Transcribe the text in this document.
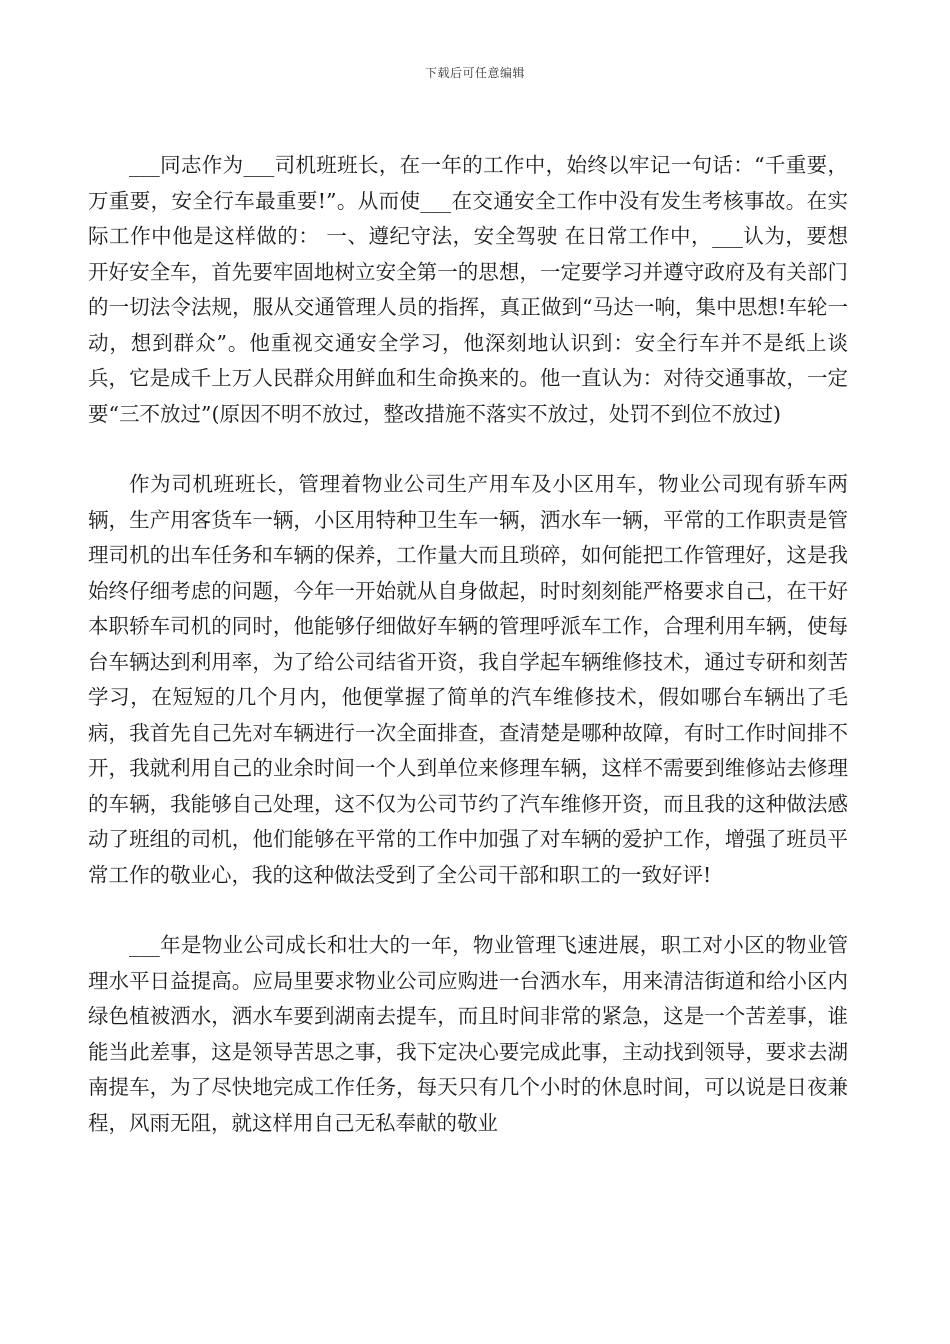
下载后可任意编辑

___同志作为___司机班班长，在一年的工作中，始终以牢记一句话：“千重要，万重要，安全行车最重要!”。从而使___在交通安全工作中没有发生考核事故。在实际工作中他是这样做的： 一、遵纪守法，安全驾驶 在日常工作中，___认为，要想开好安全车，首先要牢固地树立安全第一的思想，一定要学习并遵守政府及有关部门的一切法令法规，服从交通管理人员的指挥，真正做到“马达一响，集中思想!车轮一动，想到群众”。他重视交通安全学习，他深刻地认识到：安全行车并不是纸上谈兵，它是成千上万人民群众用鲜血和生命换来的。他一直认为：对待交通事故，一定要“三不放过”(原因不明不放过，整改措施不落实不放过，处罚不到位不放过)

作为司机班班长，管理着物业公司生产用车及小区用车，物业公司现有骄车两辆，生产用客货车一辆，小区用特种卫生车一辆，洒水车一辆，平常的工作职责是管理司机的出车任务和车辆的保养，工作量大而且琐碎，如何能把工作管理好，这是我始终仔细考虑的问题，今年一开始就从自身做起，时时刻刻能严格要求自己，在干好本职轿车司机的同时，他能够仔细做好车辆的管理呼派车工作，合理利用车辆，使每台车辆达到利用率，为了给公司结省开资，我自学起车辆维修技术，通过专研和刻苦学习，在短短的几个月内，他便掌握了简单的汽车维修技术，假如哪台车辆出了毛病，我首先自己先对车辆进行一次全面排查，查清楚是哪种故障，有时工作时间排不开，我就利用自己的业余时间一个人到单位来修理车辆，这样不需要到维修站去修理的车辆，我能够自己处理，这不仅为公司节约了汽车维修开资，而且我的这种做法感动了班组的司机，他们能够在平常的工作中加强了对车辆的爱护工作，增强了班员平常工作的敬业心，我的这种做法受到了全公司干部和职工的一致好评!

___年是物业公司成长和壮大的一年，物业管理飞速进展，职工对小区的物业管理水平日益提高。应局里要求物业公司应购进一台洒水车，用来清洁街道和给小区内绿色植被洒水，洒水车要到湖南去提车，而且时间非常的紧急，这是一个苦差事，谁能当此差事，这是领导苦思之事，我下定决心要完成此事，主动找到领导，要求去湖南提车，为了尽快地完成工作任务，每天只有几个小时的休息时间，可以说是日夜兼程，风雨无阻，就这样用自己无私奉献的敬业
